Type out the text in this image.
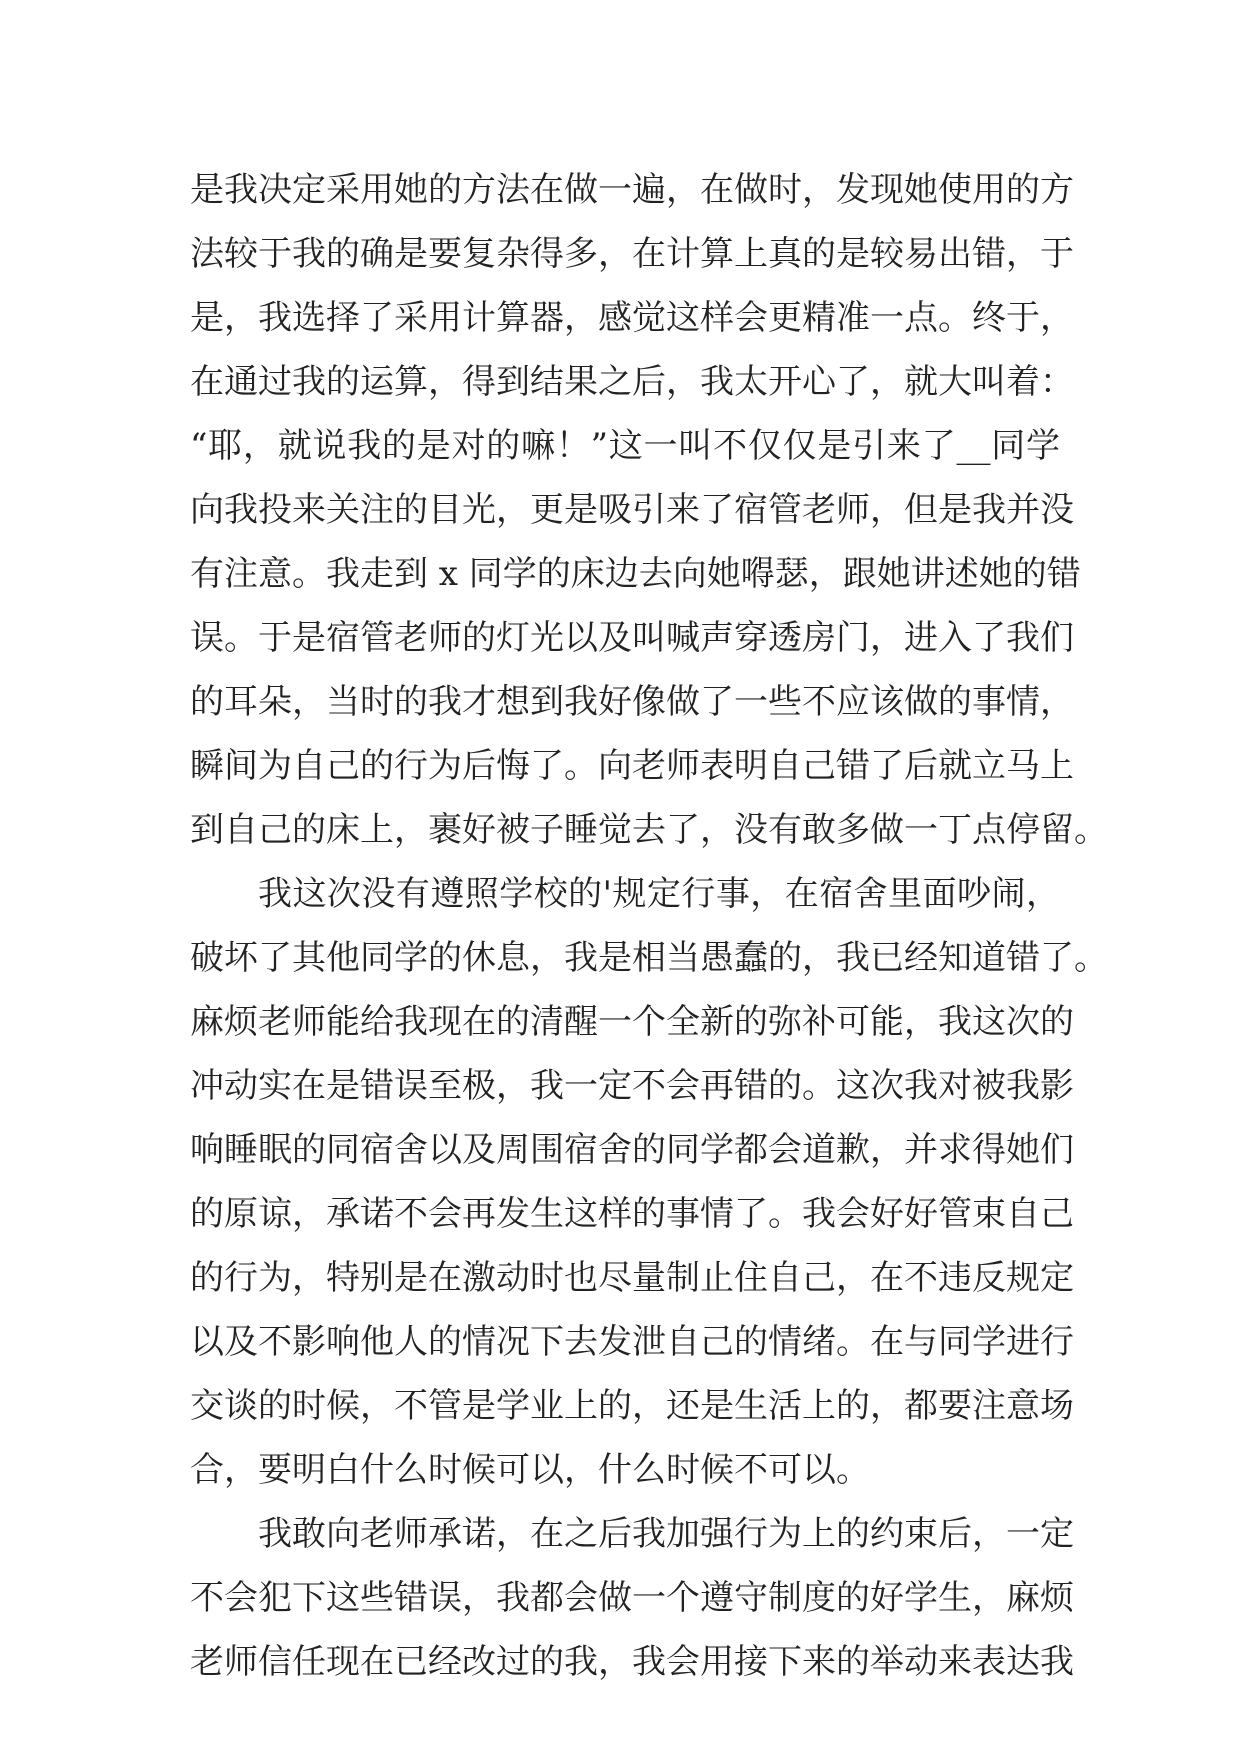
是我决定采用她的方法在做一遍，在做时，发现她使用的方
法较于我的确是要复杂得多，在计算上真的是较易出错，于
是，我选择了采用计算器，感觉这样会更精准一点。终于，
在通过我的运算，得到结果之后，我太开心了，就大叫着：
“耶，就说我的是对的嘛！”这一叫不仅仅是引来了__同学
向我投来关注的目光，更是吸引来了宿管老师，但是我并没
有注意。我走到 x 同学的床边去向她嘚瑟，跟她讲述她的错
误。于是宿管老师的灯光以及叫喊声穿透房门，进入了我们
的耳朵，当时的我才想到我好像做了一些不应该做的事情，
瞬间为自己的行为后悔了。向老师表明自己错了后就立马上
到自己的床上，裹好被子睡觉去了，没有敢多做一丁点停留。
我这次没有遵照学校的'规定行事，在宿舍里面吵闹，
破坏了其他同学的休息，我是相当愚蠢的，我已经知道错了。
麻烦老师能给我现在的清醒一个全新的弥补可能，我这次的
冲动实在是错误至极，我一定不会再错的。这次我对被我影
响睡眠的同宿舍以及周围宿舍的同学都会道歉，并求得她们
的原谅，承诺不会再发生这样的事情了。我会好好管束自己
的行为，特别是在激动时也尽量制止住自己，在不违反规定
以及不影响他人的情况下去发泄自己的情绪。在与同学进行
交谈的时候，不管是学业上的，还是生活上的，都要注意场
合，要明白什么时候可以，什么时候不可以。
我敢向老师承诺，在之后我加强行为上的约束后，一定
不会犯下这些错误，我都会做一个遵守制度的好学生，麻烦
老师信任现在已经改过的我，我会用接下来的举动来表达我
